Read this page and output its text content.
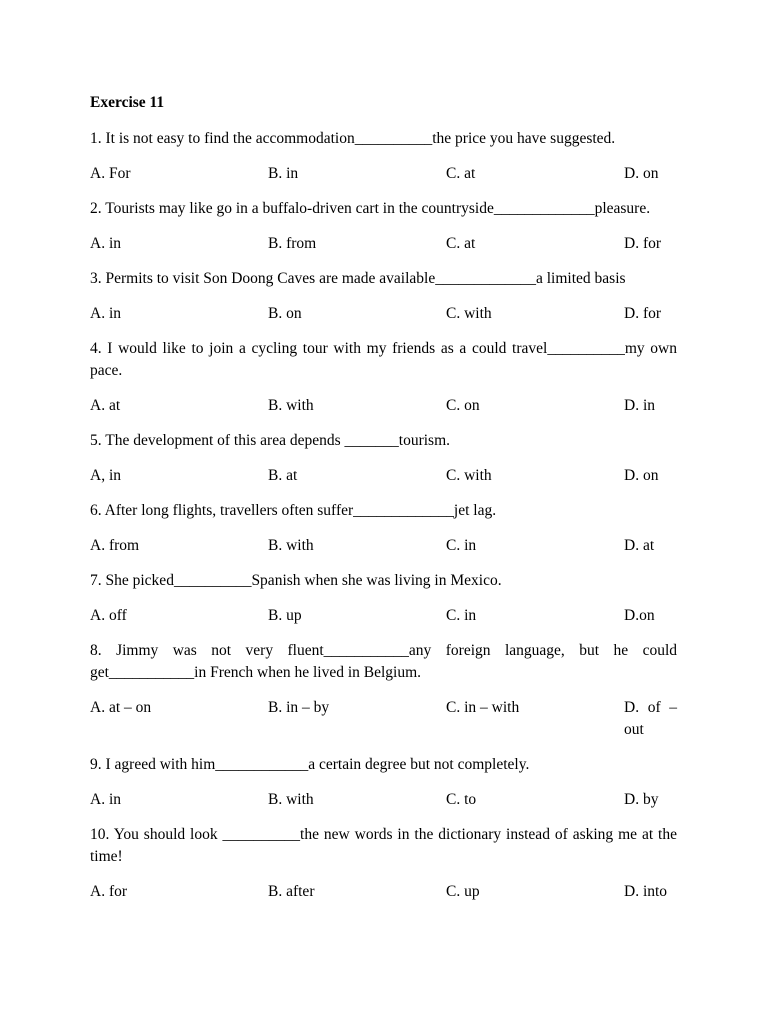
Exercise 11
1. It is not easy to find the accommodation__________the price you have suggested.
A. For	B. in	C. at	D. on
2. Tourists may like go in a buffalo-driven cart in the countryside_____________pleasure.
A. in	B. from	C. at	D. for
3. Permits to visit Son Doong Caves are made available_____________a limited basis
A. in	B. on	C. with	D. for
4. I would like to join a cycling tour with my friends as a could travel__________my own pace.
A. at	B. with	C. on	D. in
5. The development of this area depends _______tourism.
A, in	B. at	C. with	D. on
6. After long flights, travellers often suffer_____________jet lag.
A. from	B. with	C. in	D. at
7. She picked__________Spanish when she was living in Mexico.
A. off	B. up	C. in	D.on
8. Jimmy was not very fluent___________any foreign language, but he could get___________in French when he lived in Belgium.
A. at – on	B. in – by	C. in – with	D. of – out
9. I agreed with him____________a certain degree but not completely.
A. in	B. with	C. to	D. by
10. You should look __________the new words in the dictionary instead of asking me at the time!
A. for	B. after	C. up	D. into
